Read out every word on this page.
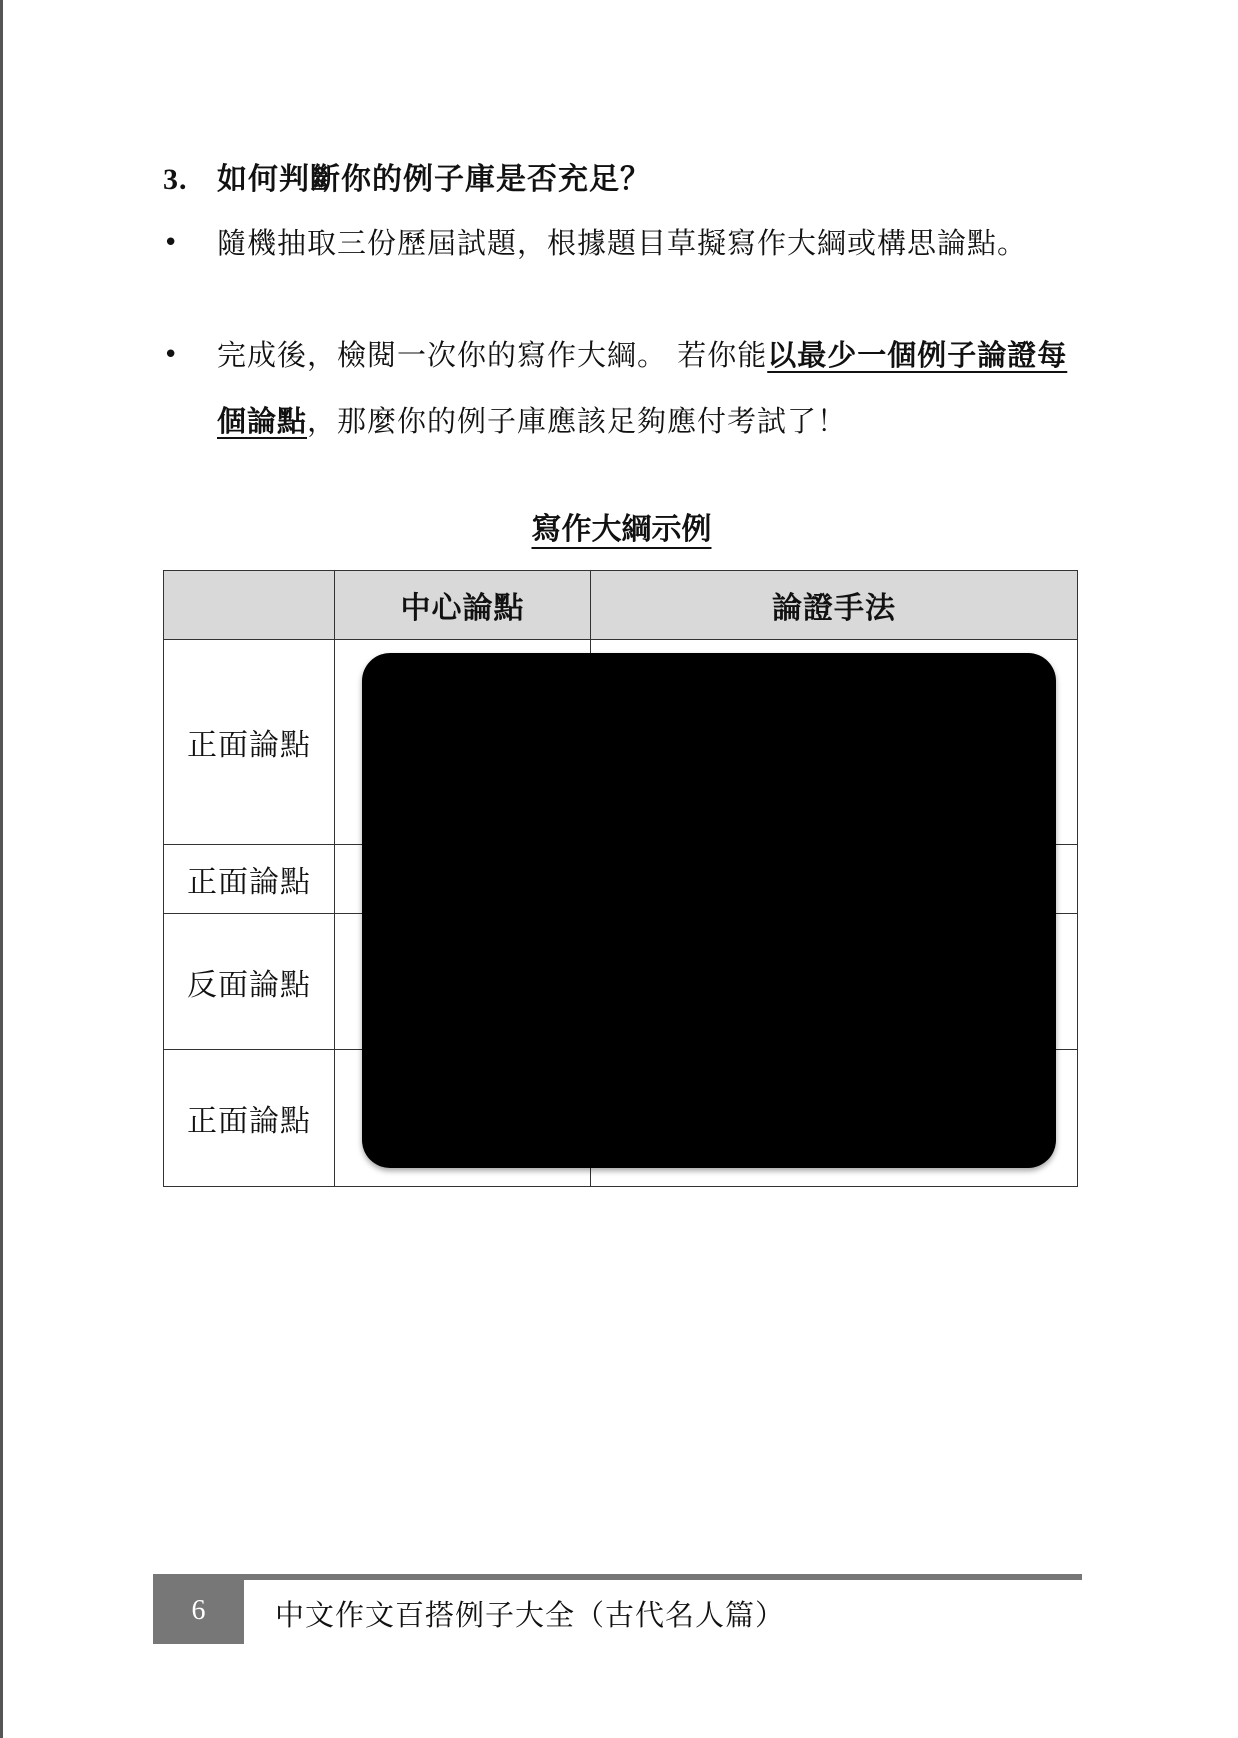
3. 如何判斷你的例子庫是否充足？

•	隨機抽取三份歷屆試題，根據題目草擬寫作大綱或構思論點。

•	完成後，檢閱一次你的寫作大綱。 若你能以最少一個例子論證每個論點，那麼你的例子庫應該足夠應付考試了！

寫作大綱示例
	中心論點	論證手法
正面論點		
正面論點		
反面論點		
正面論點		
6	中文作文百搭例子大全（古代名人篇）
